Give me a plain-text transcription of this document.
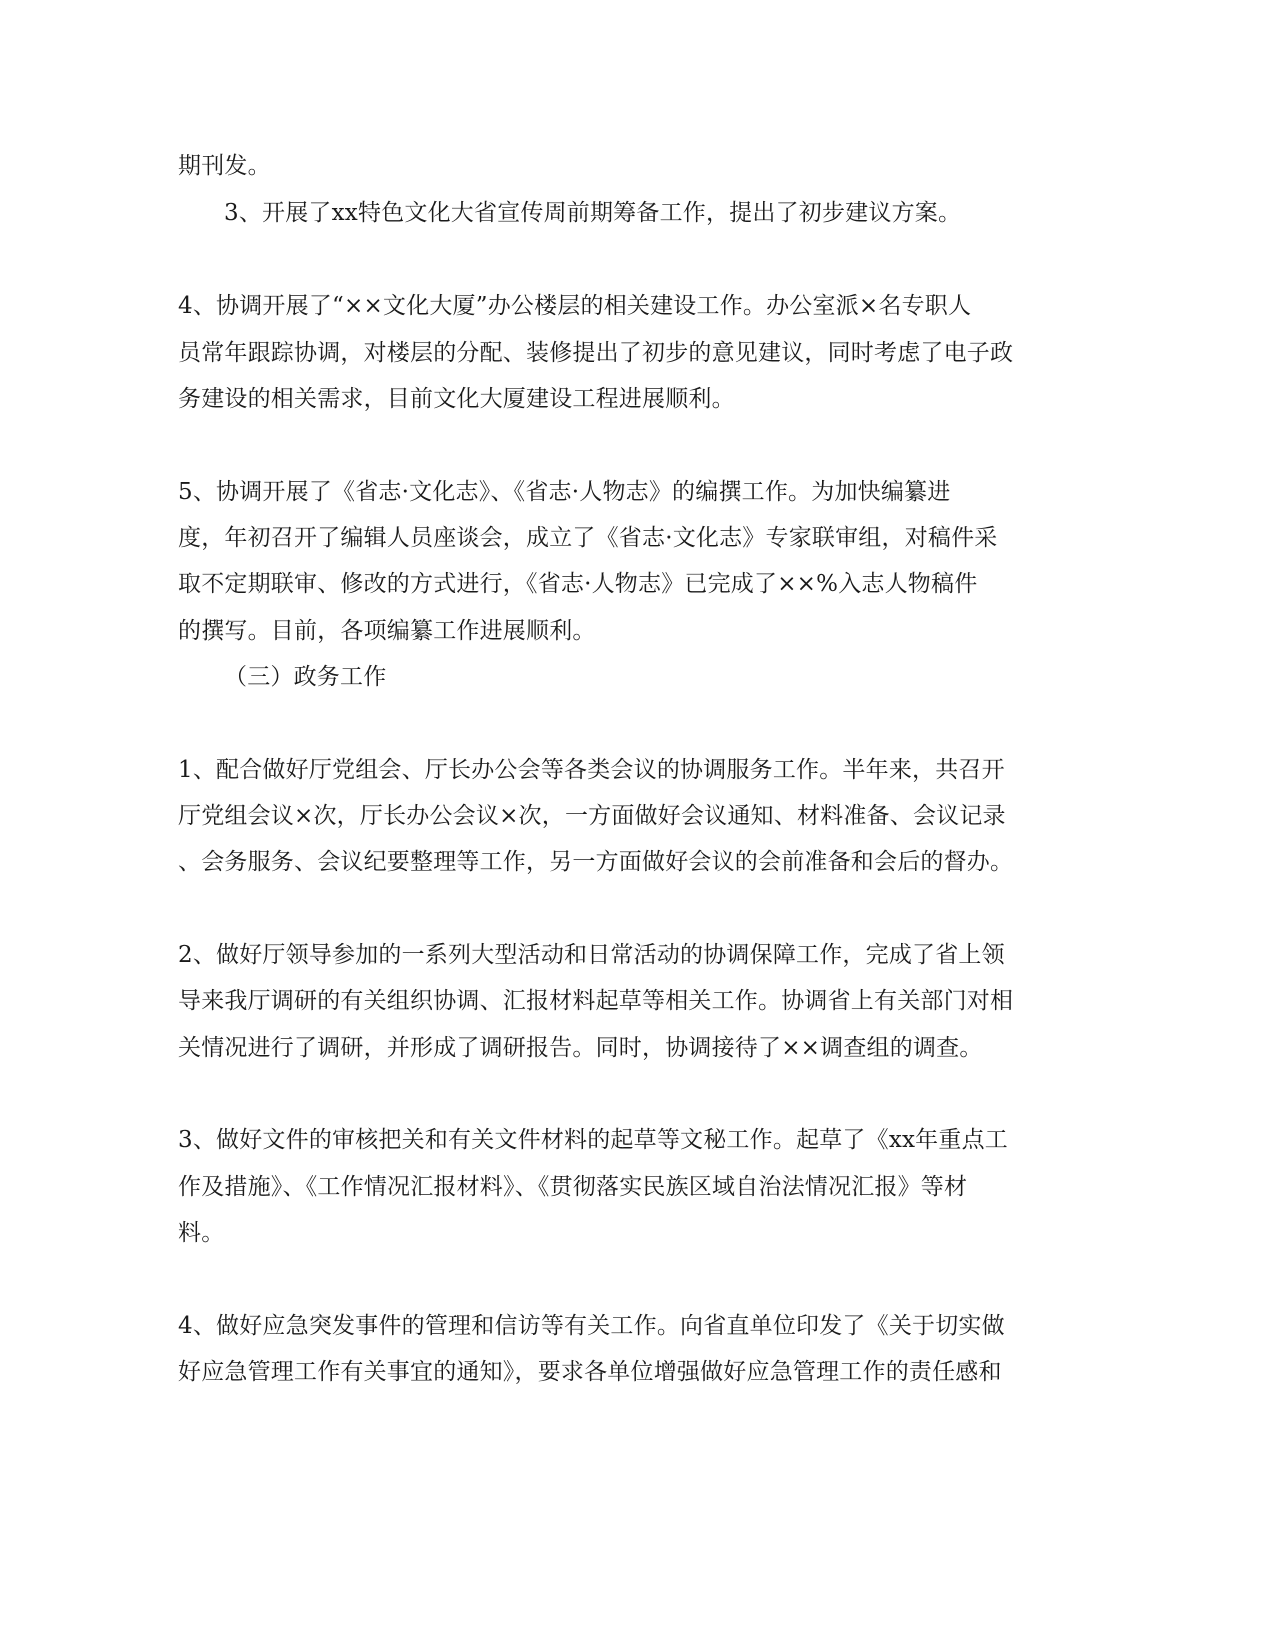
期刊发。

3、开展了xx特色文化大省宣传周前期筹备工作，提出了初步建议方案。

4、协调开展了“××文化大厦”办公楼层的相关建设工作。办公室派×名专职人

员常年跟踪协调，对楼层的分配、装修提出了初步的意见建议，同时考虑了电子政

务建设的相关需求，目前文化大厦建设工程进展顺利。

5、协调开展了《省志·文化志》、《省志·人物志》的编撰工作。为加快编纂进

度，年初召开了编辑人员座谈会，成立了《省志·文化志》专家联审组，对稿件采

取不定期联审、修改的方式进行，《省志·人物志》已完成了××%入志人物稿件

的撰写。目前，各项编纂工作进展顺利。

（三）政务工作

1、配合做好厅党组会、厅长办公会等各类会议的协调服务工作。半年来，共召开

厅党组会议×次，厅长办公会议×次，一方面做好会议通知、材料准备、会议记录

、会务服务、会议纪要整理等工作，另一方面做好会议的会前准备和会后的督办。

2、做好厅领导参加的一系列大型活动和日常活动的协调保障工作，完成了省上领

导来我厅调研的有关组织协调、汇报材料起草等相关工作。协调省上有关部门对相

关情况进行了调研，并形成了调研报告。同时，协调接待了××调查组的调查。

3、做好文件的审核把关和有关文件材料的起草等文秘工作。起草了《xx年重点工

作及措施》、《工作情况汇报材料》、《贯彻落实民族区域自治法情况汇报》等材

料。

4、做好应急突发事件的管理和信访等有关工作。向省直单位印发了《关于切实做

好应急管理工作有关事宜的通知》，要求各单位增强做好应急管理工作的责任感和
